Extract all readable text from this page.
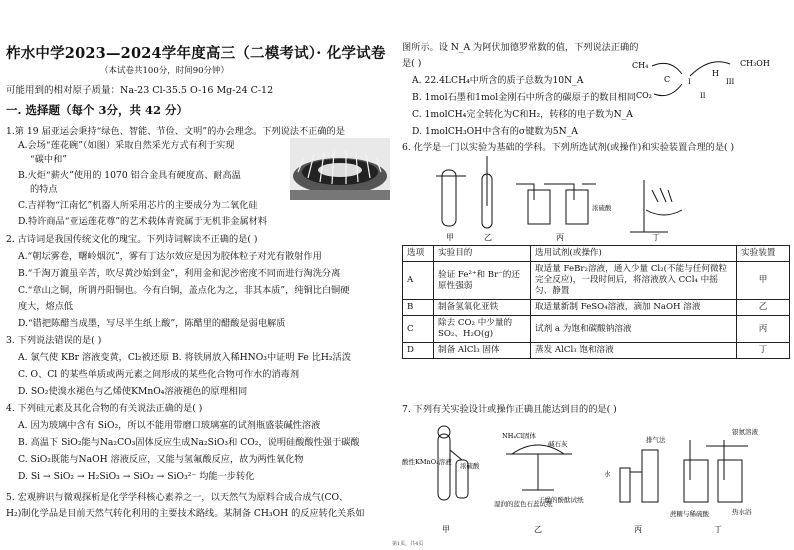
柞水中学2023—2024学年度高三（二模考试）· 化学试卷
（本试卷共100分，时间90分钟）
可能用到的相对原子质量：Na-23 Cl-35.5 O-16 Mg-24 C-12
一. 选择题（每个 3分，共 42 分）
1.第 19 届亚运会秉持“绿色、智能、节俭、文明”的办会理念。下列说法不正确的是
A.会场“莲花碗”（如图）采取自然采光方式有利于实现
“碳中和”
B.火炬“薪火”使用的 1070 铝合金具有硬度高、耐高温
的特点
C.吉祥物“江南忆”机器人所采用芯片的主要成分为二氧化硅
D.特许商品“亚运莲花尊”的艺术载体青瓷属于无机非金属材料
2. 古诗词是我国传统文化的瑰宝。下列诗词解读不正确的是( )
A.“朝坛雾卷，曙岭烟沉”，雾有丁达尔效应是因为胶体粒子对光有散射作用
B.“千淘万漉虽辛苦，吹尽黄沙始到金”，利用金和泥沙密度不同而进行淘洗分离
C.“章山之铜，所谓丹阳铜也。今有白铜，盖点化为之，非其本质”，纯铜比白铜硬
度大，熔点低
D.“错把陈醋当成墨，写尽半生纸上酸”，陈醋里的醋酸是弱电解质
3. 下列说法错误的是( )
A. 氯气使 KBr 溶液变黄，Cl₂被还原 B. 将铁屑放入稀HNO₃中证明 Fe 比H₂活泼
C. O、Cl 的某些单质或两元素之间形成的某些化合物可作水的消毒剂
D. SO₂使溴水褪色与乙烯使KMnO₄溶液褪色的原理相同
4. 下列硅元素及其化合物的有关说法正确的是( )
A. 因为玻璃中含有 SiO₂，所以不能用带磨口玻璃塞的试剂瓶盛装碱性溶液
B. 高温下 SiO₂能与Na₂CO₃固体反应生成Na₂SiO₃和 CO₂，说明硅酸酸性强于碳酸
C. SiO₂既能与NaOH 溶液反应，又能与氢氟酸反应，故为两性氧化物
D. Si → SiO₂ → H₂SiO₃ → SiO₂ → SiO₃²⁻ 均能一步转化
5. 宏观辨识与微观探析是化学学科核心素养之一，以天然气为原料合成合成气(CO、
H₂)制化学品是目前天然气转化利用的主要技术路线。某制备 CH₃OH 的反应转化关系如
图所示。设 N_A 为阿伏加德罗常数的值，下列说法正确的
是( )
A. 22.4LCH₄中所含的质子总数为10N_A
B. 1mol石墨和1mol金刚石中所含的碳原子的数目相同
C. 1molCH₄完全转化为C和H₂，转移的电子数为N_A
D. 1molCH₃OH中含有的σ键数为5N_A
6. 化学是一门以实验为基础的学科。下列所选试剂(或操作)和实验装置合理的是( )
CH₄
C
CO₂
H
CH₃OH
I
II
III
甲	乙	丙	丁
浓硫酸
选项	实验目的	选用试剂(或操作)	实验装置
A	验证 Fe²⁺和 Br⁻的还原性强弱	取适量 FeBr₂溶液，通入少量 Cl₂(不能与任何微粒完全反应)，一段时间后，将溶液放入 CCl₄ 中摇匀、静置	甲
B	制备氢氧化亚铁	取适量新制 FeSO₄溶液，滴加 NaOH 溶液	乙
C	除去 CO₂ 中少量的 SO₂、H₂O(g)	试剂 a 为饱和碳酸钠溶液	丙
D	制备 AlCl₃ 固体	蒸发 AlCl₃ 饱和溶液	丁
7. 下列有关实验设计或操作正确且能达到目的的是( )
酸性KMnO₄溶液 浓硫酸
NH₄Cl固体
碱石灰
湿润的蓝色石蕊试纸
干燥的酚酞试纸
水
排气法
银氨溶液
热水浴
蔗糖与稀硫酸
甲	乙	丙	丁
第1页，共4页
